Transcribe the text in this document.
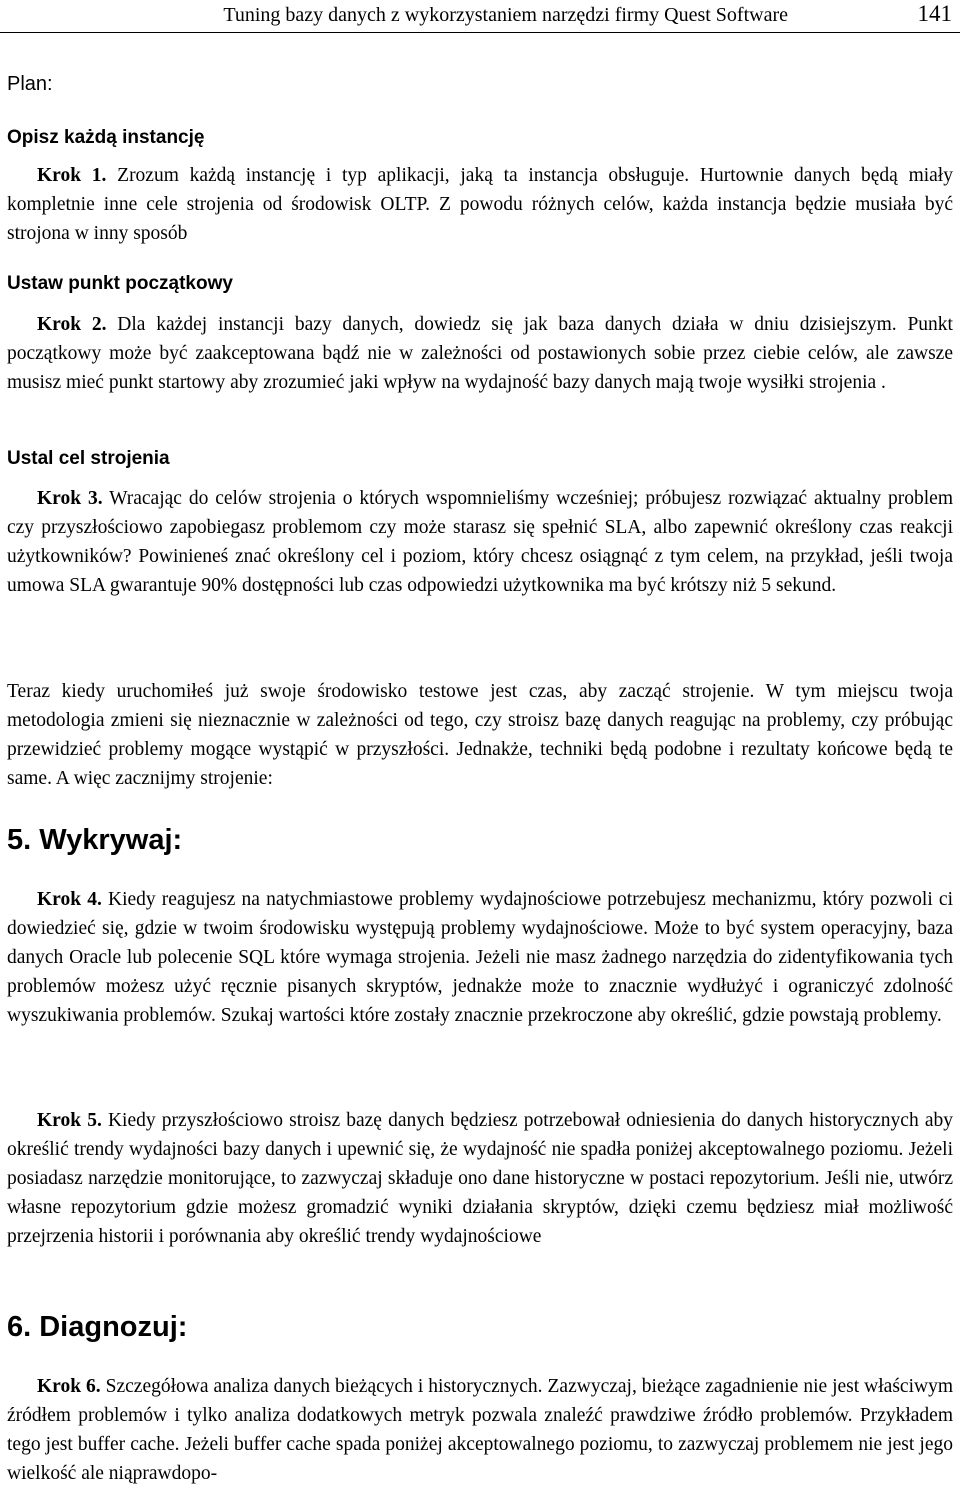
Tuning bazy danych z wykorzystaniem narzędzi firmy Quest Software	141
Plan:
Opisz każdą instancję

Krok 1. Zrozum każdą instancję i typ aplikacji, jaką ta instancja obsługuje. Hurtownie danych będą miały kompletnie inne cele strojenia od środowisk OLTP. Z powodu różnych celów, każda instancja będzie musiała być strojona w inny sposób

Ustaw punkt początkowy

Krok 2. Dla każdej instancji bazy danych, dowiedz się jak baza danych działa w dniu dzisiejszym. Punkt początkowy może być zaakceptowana bądź nie w zależności od postawionych sobie przez ciebie celów, ale zawsze musisz mieć punkt startowy aby zrozumieć jaki wpływ na wydajność bazy danych mają twoje wysiłki strojenia .

Ustal cel strojenia

Krok 3. Wracając do celów strojenia o których wspomnieliśmy wcześniej; próbujesz rozwiązać aktualny problem czy przyszłościowo zapobiegasz problemom czy może starasz się spełnić SLA, albo zapewnić określony czas reakcji użytkowników? Powinieneś znać określony cel i poziom, który chcesz osiągnąć z tym celem, na przykład, jeśli twoja umowa SLA gwarantuje 90% dostępności lub czas odpowiedzi użytkownika ma być krótszy niż 5 sekund.

Teraz kiedy uruchomiłeś już swoje środowisko testowe jest czas, aby zacząć strojenie. W tym miejscu twoja metodologia zmieni się nieznacznie w zależności od tego, czy stroisz bazę danych reagując na problemy, czy próbując przewidzieć problemy mogące wystąpić w przyszłości. Jednakże, techniki będą podobne i rezultaty końcowe będą te same. A więc zacznijmy strojenie:

5. Wykrywaj:

Krok 4. Kiedy reagujesz na natychmiastowe problemy wydajnościowe potrzebujesz mechanizmu, który pozwoli ci dowiedzieć się, gdzie w twoim środowisku występują problemy wydajnościowe. Może to być system operacyjny, baza danych Oracle lub polecenie SQL które wymaga strojenia. Jeżeli nie masz żadnego narzędzia do zidentyfikowania tych problemów możesz użyć ręcznie pisanych skryptów, jednakże może to znacznie wydłużyć i ograniczyć zdolność wyszukiwania problemów. Szukaj wartości które zostały znacznie przekroczone aby określić, gdzie powstają problemy.

Krok 5. Kiedy przyszłościowo stroisz bazę danych będziesz potrzebował odniesienia do danych historycznych aby określić trendy wydajności bazy danych i upewnić się, że wydajność nie spadła poniżej akceptowalnego poziomu. Jeżeli posiadasz narzędzie monitorujące, to zazwyczaj składuje ono dane historyczne w postaci repozytorium. Jeśli nie, utwórz własne repozytorium gdzie możesz gromadzić wyniki działania skryptów, dzięki czemu będziesz miał możliwość przejrzenia historii i porównania aby określić trendy wydajnościowe

6. Diagnozuj:

Krok 6. Szczegółowa analiza danych bieżących i historycznych. Zazwyczaj, bieżące zagadnienie nie jest właściwym źródłem problemów i tylko analiza dodatkowych metryk pozwala znaleźć prawdziwe źródło problemów. Przykładem tego jest buffer cache. Jeżeli buffer cache spada poniżej akceptowalnego poziomu, to zazwyczaj problemem nie jest jego wielkość ale niąprawdopo-
